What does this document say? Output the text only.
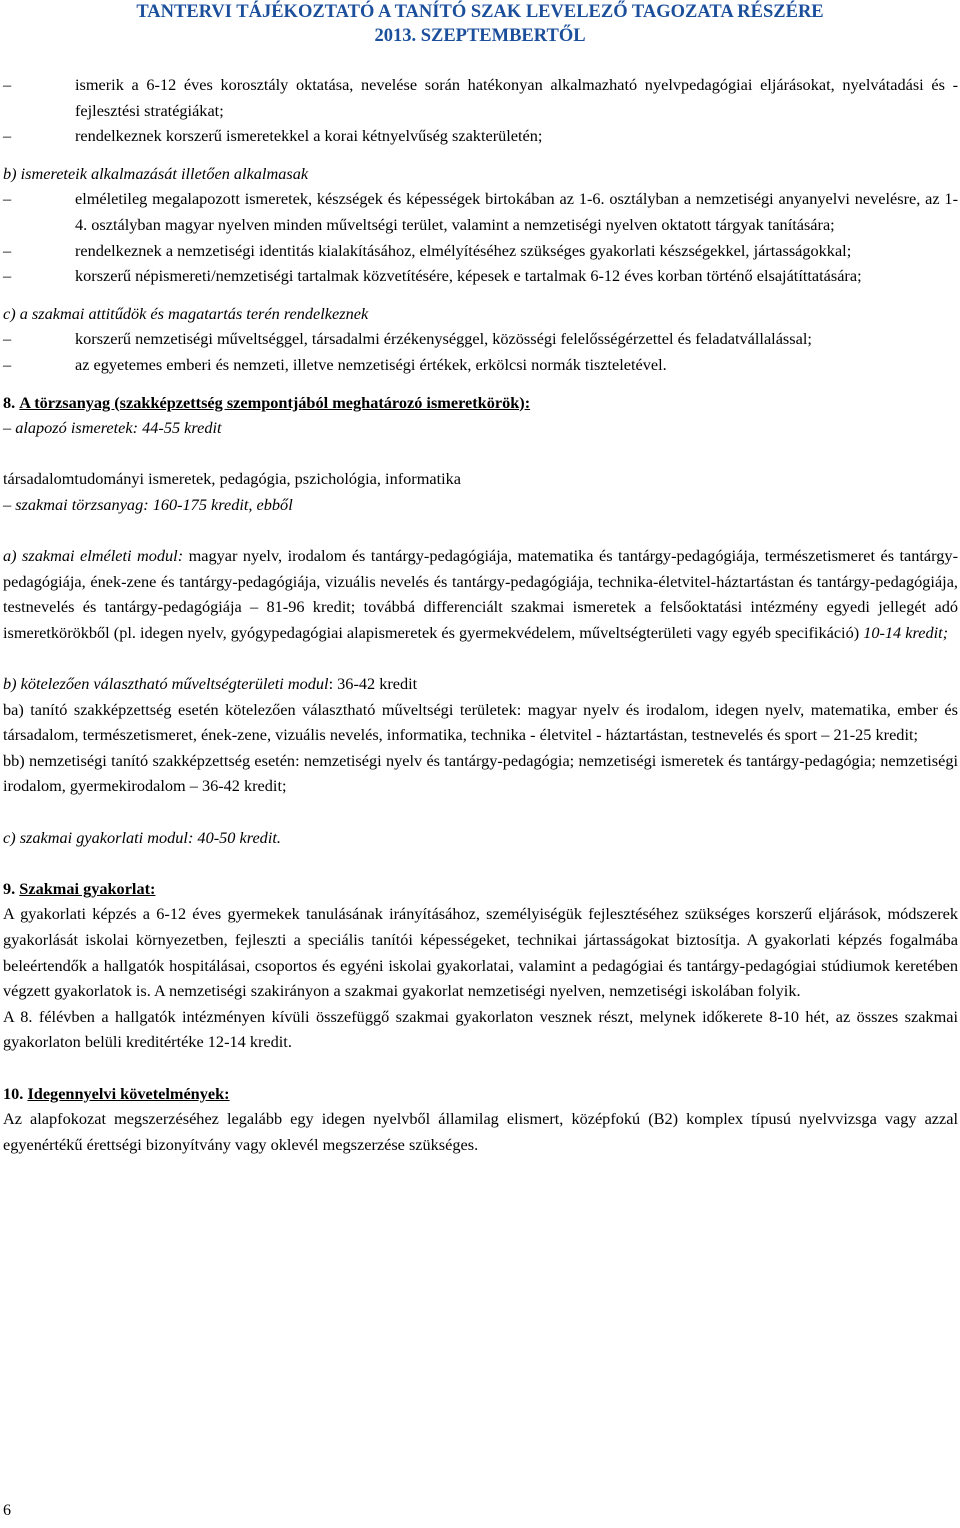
TANTERVI TÁJÉKOZTATÓ A TANÍTÓ SZAK LEVELEZŐ TAGOZATA RÉSZÉRE
2013. SZEPTEMBERTŐL
–	ismerik a 6-12 éves korosztály oktatása, nevelése során hatékonyan alkalmazható nyelvpedagógiai eljárásokat, nyelvátadási és -fejlesztési stratégiákat;
–	rendelkeznek korszerű ismeretekkel a korai kétnyelvűség szakterületén;

b) ismereteik alkalmazását illetően alkalmasak

–	elméletileg megalapozott ismeretek, készségek és képességek birtokában az 1-6. osztályban a nemzetiségi anyanyelvi nevelésre, az 1-4. osztályban magyar nyelven minden műveltségi terület, valamint a nemzetiségi nyelven oktatott tárgyak tanítására;
–	rendelkeznek a nemzetiségi identitás kialakításához, elmélyítéséhez szükséges gyakorlati készségekkel, jártasságokkal;
–	korszerű népismereti/nemzetiségi tartalmak közvetítésére, képesek e tartalmak 6-12 éves korban történő elsajátíttatására;

c) a szakmai attitűdök és magatartás terén rendelkeznek

–	korszerű nemzetiségi műveltséggel, társadalmi érzékenységgel, közösségi felelősségérzettel és feladatvállalással;
–	az egyetemes emberi és nemzeti, illetve nemzetiségi értékek, erkölcsi normák tiszteletével.

8. A törzsanyag (szakképzettség szempontjából meghatározó ismeretkörök):

– alapozó ismeretek: 44-55 kredit

társadalomtudományi ismeretek, pedagógia, pszichológia, informatika

– szakmai törzsanyag: 160-175 kredit, ebből

a) szakmai elméleti modul: magyar nyelv, irodalom és tantárgy-pedagógiája, matematika és tantárgy-pedagógiája, természetismeret és tantárgy-pedagógiája, ének-zene és tantárgy-pedagógiája, vizuális nevelés és tantárgy-pedagógiája, technika-életvitel-háztartástan és tantárgy-pedagógiája, testnevelés és tantárgy-pedagógiája – 81-96 kredit; továbbá differenciált szakmai ismeretek a felsőoktatási intézmény egyedi jellegét adó ismeretkörökből (pl. idegen nyelv, gyógypedagógiai alapismeretek és gyermekvédelem, műveltségterületi vagy egyéb specifikáció) 10-14 kredit;

b) kötelezően választható műveltségterületi modul: 36-42 kredit

ba) tanító szakképzettség esetén kötelezően választható műveltségi területek: magyar nyelv és irodalom, idegen nyelv, matematika, ember és társadalom, természetismeret, ének-zene, vizuális nevelés, informatika, technika - életvitel - háztartástan, testnevelés és sport – 21-25 kredit;

bb) nemzetiségi tanító szakképzettség esetén: nemzetiségi nyelv és tantárgy-pedagógia; nemzetiségi ismeretek és tantárgy-pedagógia; nemzetiségi irodalom, gyermekirodalom – 36-42 kredit;

c) szakmai gyakorlati modul: 40-50 kredit.

9. Szakmai gyakorlat:

A gyakorlati képzés a 6-12 éves gyermekek tanulásának irányításához, személyiségük fejlesztéséhez szükséges korszerű eljárások, módszerek gyakorlását iskolai környezetben, fejleszti a speciális tanítói képességeket, technikai jártasságokat biztosítja. A gyakorlati képzés fogalmába beleértendők a hallgatók hospitálásai, csoportos és egyéni iskolai gyakorlatai, valamint a pedagógiai és tantárgy-pedagógiai stúdiumok keretében végzett gyakorlatok is. A nemzetiségi szakirányon a szakmai gyakorlat nemzetiségi nyelven, nemzetiségi iskolában folyik.

A 8. félévben a hallgatók intézményen kívüli összefüggő szakmai gyakorlaton vesznek részt, melynek időkerete 8-10 hét, az összes szakmai gyakorlaton belüli kreditértéke 12-14 kredit.

10. Idegennyelvi követelmények:

Az alapfokozat megszerzéséhez legalább egy idegen nyelvből államilag elismert, középfokú (B2) komplex típusú nyelvvizsga vagy azzal egyenértékű érettségi bizonyítvány vagy oklevél megszerzése szükséges.

6
